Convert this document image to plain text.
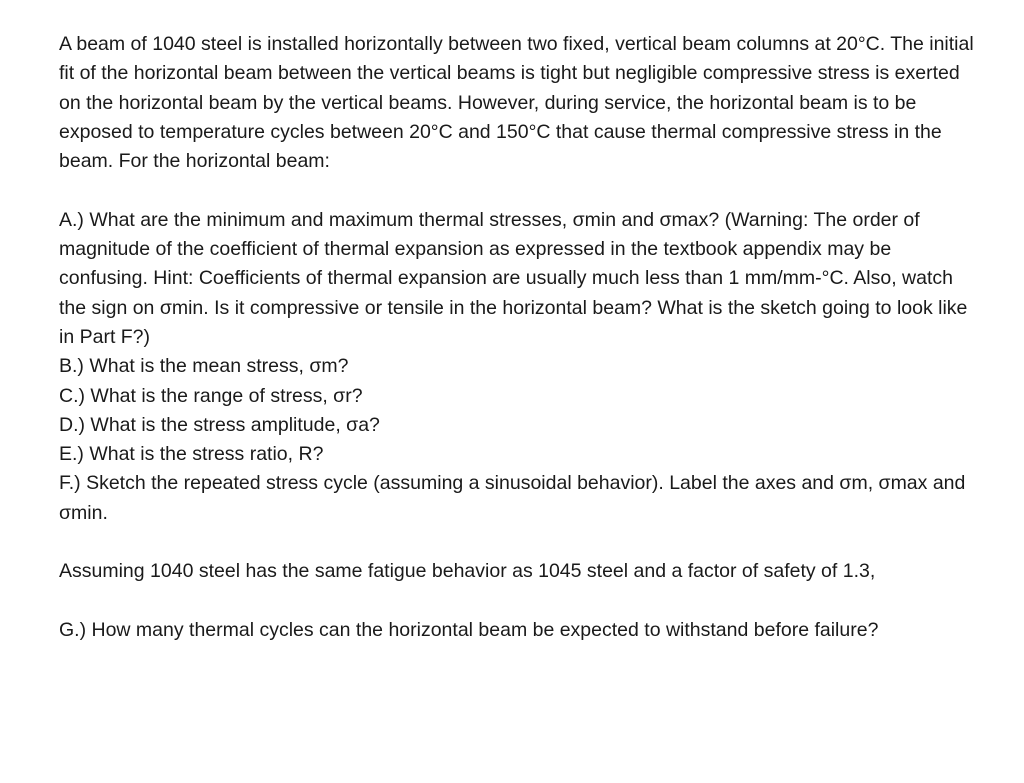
A beam of 1040 steel is installed horizontally between two fixed, vertical beam columns at 20°C. The initial fit of the horizontal beam between the vertical beams is tight but negligible compressive stress is exerted on the horizontal beam by the vertical beams. However, during service, the horizontal beam is to be exposed to temperature cycles between 20°C and 150°C that cause thermal compressive stress in the beam. For the horizontal beam:

A.) What are the minimum and maximum thermal stresses, σmin and σmax? (Warning: The order of magnitude of the coefficient of thermal expansion as expressed in the textbook appendix may be confusing. Hint: Coefficients of thermal expansion are usually much less than 1 mm/mm-°C. Also, watch the sign on σmin. Is it compressive or tensile in the horizontal beam? What is the sketch going to look like in Part F?)

B.) What is the mean stress, σm?

C.) What is the range of stress, σr?

D.) What is the stress amplitude, σa?

E.) What is the stress ratio, R?

F.) Sketch the repeated stress cycle (assuming a sinusoidal behavior). Label the axes and σm, σmax and σmin.

Assuming 1040 steel has the same fatigue behavior as 1045 steel and a factor of safety of 1.3,

G.) How many thermal cycles can the horizontal beam be expected to withstand before failure?
